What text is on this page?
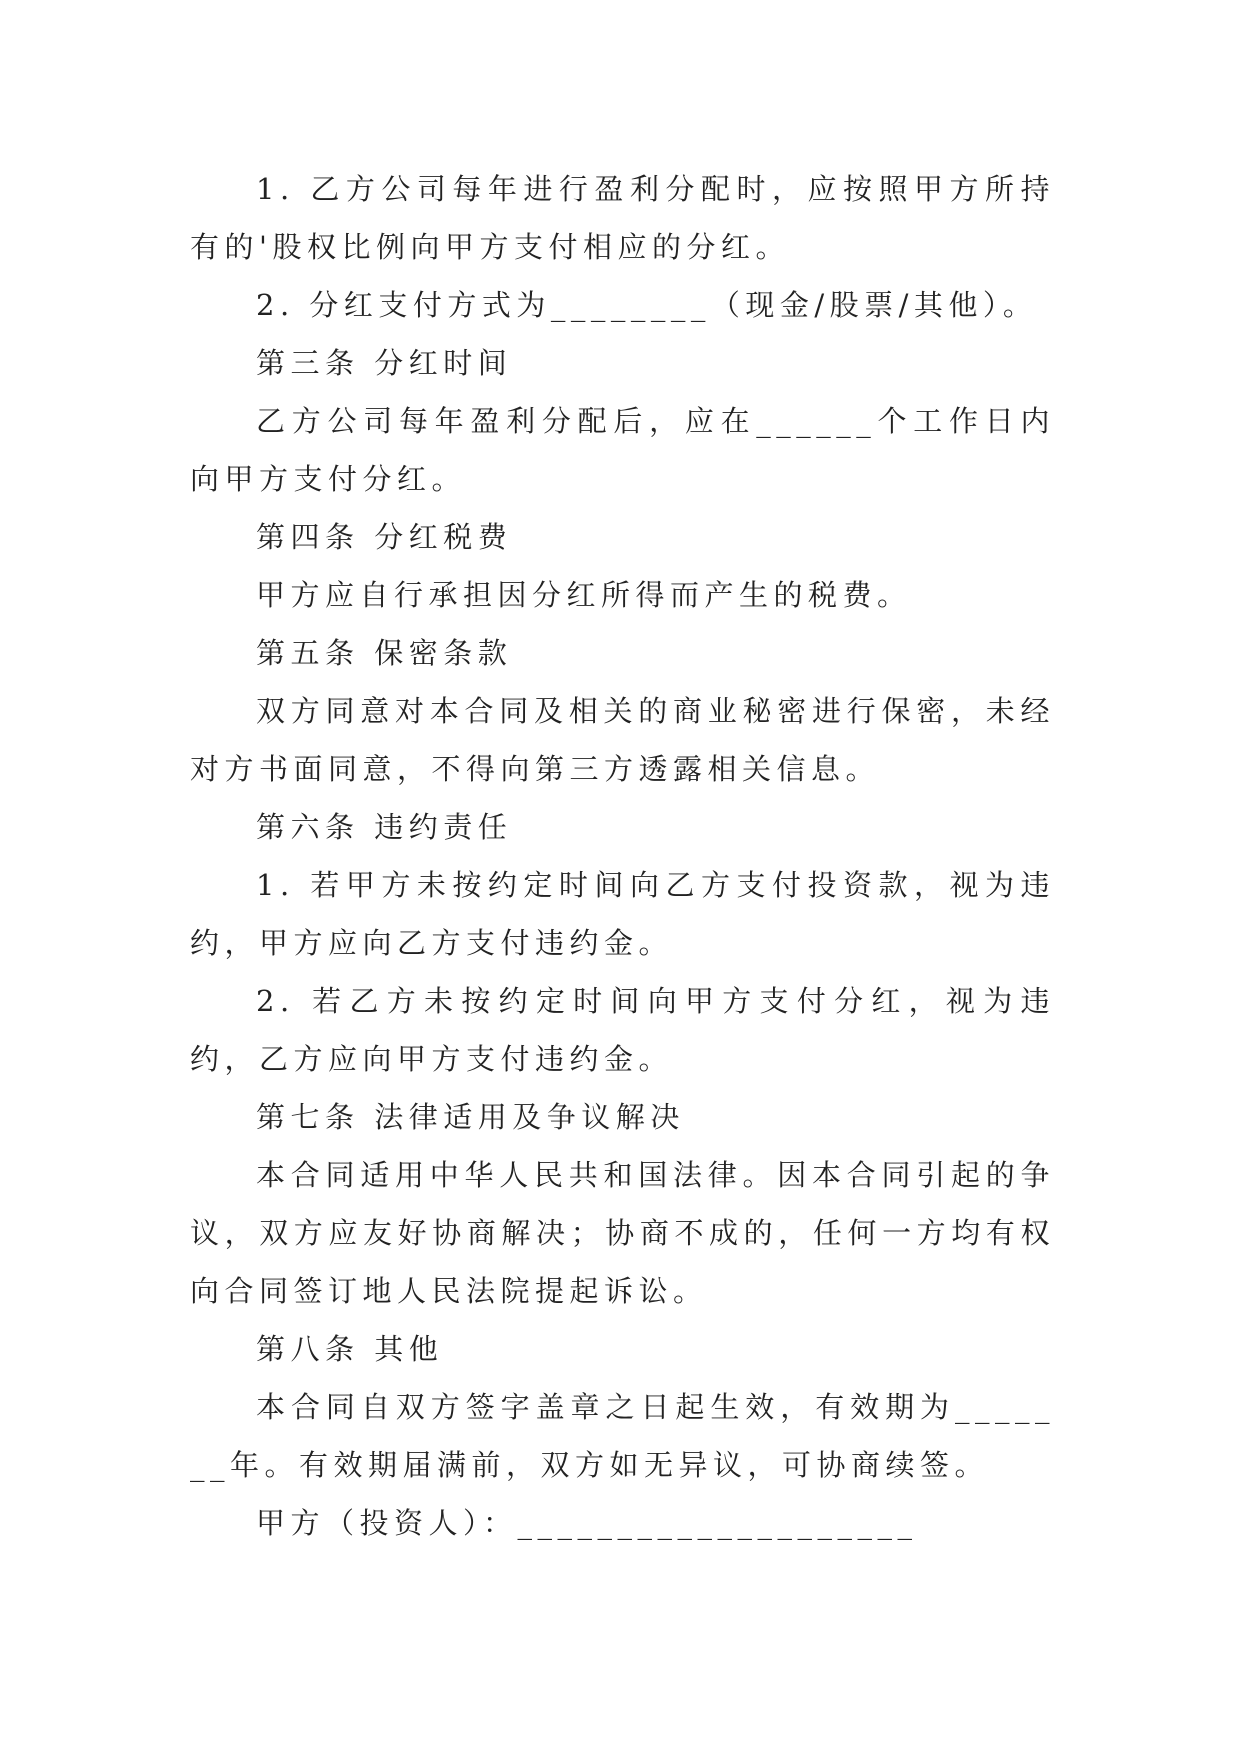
1. 乙方公司每年进行盈利分配时，应按照甲方所持有的'股权比例向甲方支付相应的分红。

2. 分红支付方式为________（现金/股票/其他）。

第三条 分红时间

乙方公司每年盈利分配后，应在______个工作日内向甲方支付分红。

第四条 分红税费

甲方应自行承担因分红所得而产生的税费。

第五条 保密条款

双方同意对本合同及相关的商业秘密进行保密，未经对方书面同意，不得向第三方透露相关信息。

第六条 违约责任

1. 若甲方未按约定时间向乙方支付投资款，视为违约，甲方应向乙方支付违约金。

2. 若乙方未按约定时间向甲方支付分红，视为违约，乙方应向甲方支付违约金。

第七条 法律适用及争议解决

本合同适用中华人民共和国法律。因本合同引起的争议，双方应友好协商解决；协商不成的，任何一方均有权向合同签订地人民法院提起诉讼。

第八条 其他

本合同自双方签字盖章之日起生效，有效期为_______年。有效期届满前，双方如无异议，可协商续签。

甲方（投资人）：____________________
